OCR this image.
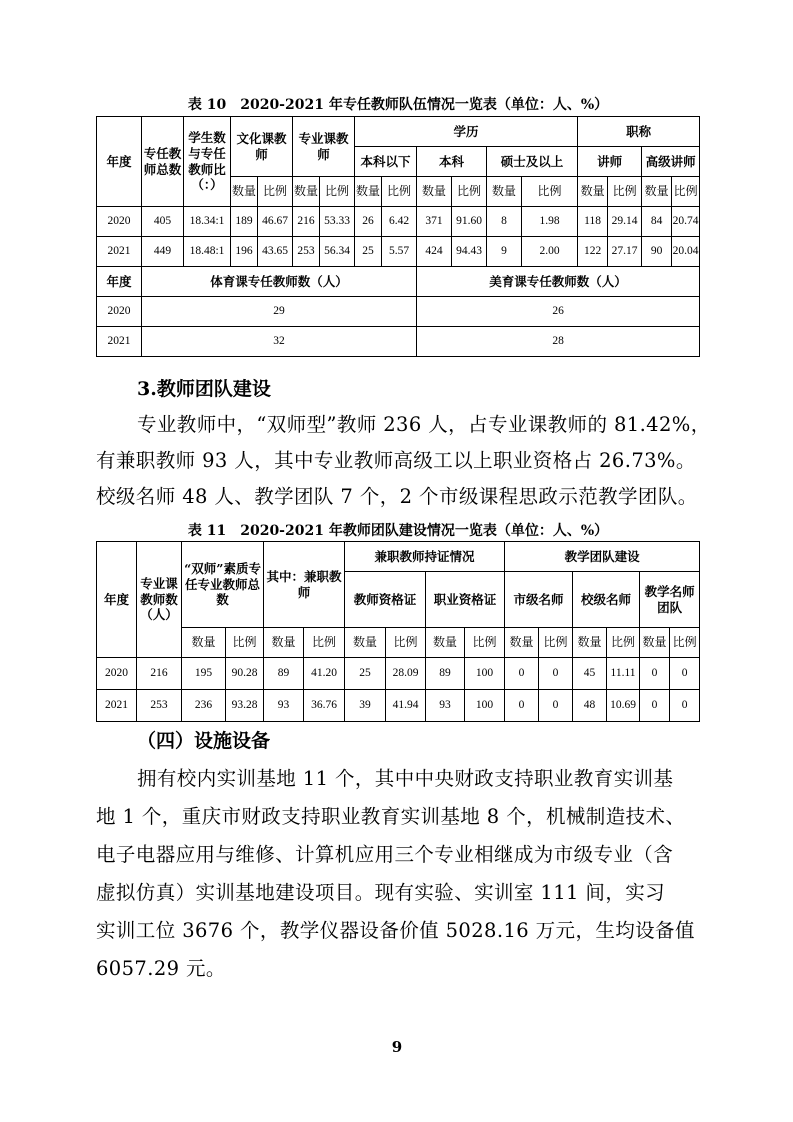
表 10　2020-2021 年专任教师队伍情况一览表（单位：人、%）
年度	专任教师总数	学生数与专任教师比（：）	文化课教师		专业课教师		学历						职称			
							本科以下		本科		硕士及以上		讲师		高级讲师	
			数量	比例	数量	比例	数量	比例	数量	比例	数量	比例	数量	比例	数量	比例
2020	405	18.34:1	189	46.67	216	53.33	26	6.42	371	91.60	8	1.98	118	29.14	84	20.74
2021	449	18.48:1	196	43.65	253	56.34	25	5.57	424	94.43	9	2.00	122	27.17	90	20.04
年度	体育课专任教师数（人）								美育课专任教师数（人）							
2020	29								26							
2021	32								28							
3.教师团队建设
专业教师中，“双师型”教师 236 人，占专业课教师的 81.42%，
有兼职教师 93 人，其中专业教师高级工以上职业资格占 26.73%。
校级名师 48 人、教学团队 7 个，2 个市级课程思政示范教学团队。
表 11　2020-2021 年教师团队建设情况一览表（单位：人、%）
年度	专业课教师数（人）	“双师”素质专任专业教师总数		其中：兼职教师		兼职教师持证情况				教学团队建设					
						教师资格证		职业资格证		市级名师		校级名师		教学名师团队	
		数量	比例	数量	比例	数量	比例	数量	比例	数量	比例	数量	比例	数量	比例
2020	216	195	90.28	89	41.20	25	28.09	89	100	0	0	45	11.11	0	0
2021	253	236	93.28	93	36.76	39	41.94	93	100	0	0	48	10.69	0	0
（四）设施设备
拥有校内实训基地 11 个，其中中央财政支持职业教育实训基
地 1 个，重庆市财政支持职业教育实训基地 8 个，机械制造技术、
电子电器应用与维修、计算机应用三个专业相继成为市级专业（含
虚拟仿真）实训基地建设项目。现有实验、实训室 111 间，实习
实训工位 3676 个，教学仪器设备价值 5028.16 万元，生均设备值
6057.29 元。
9
